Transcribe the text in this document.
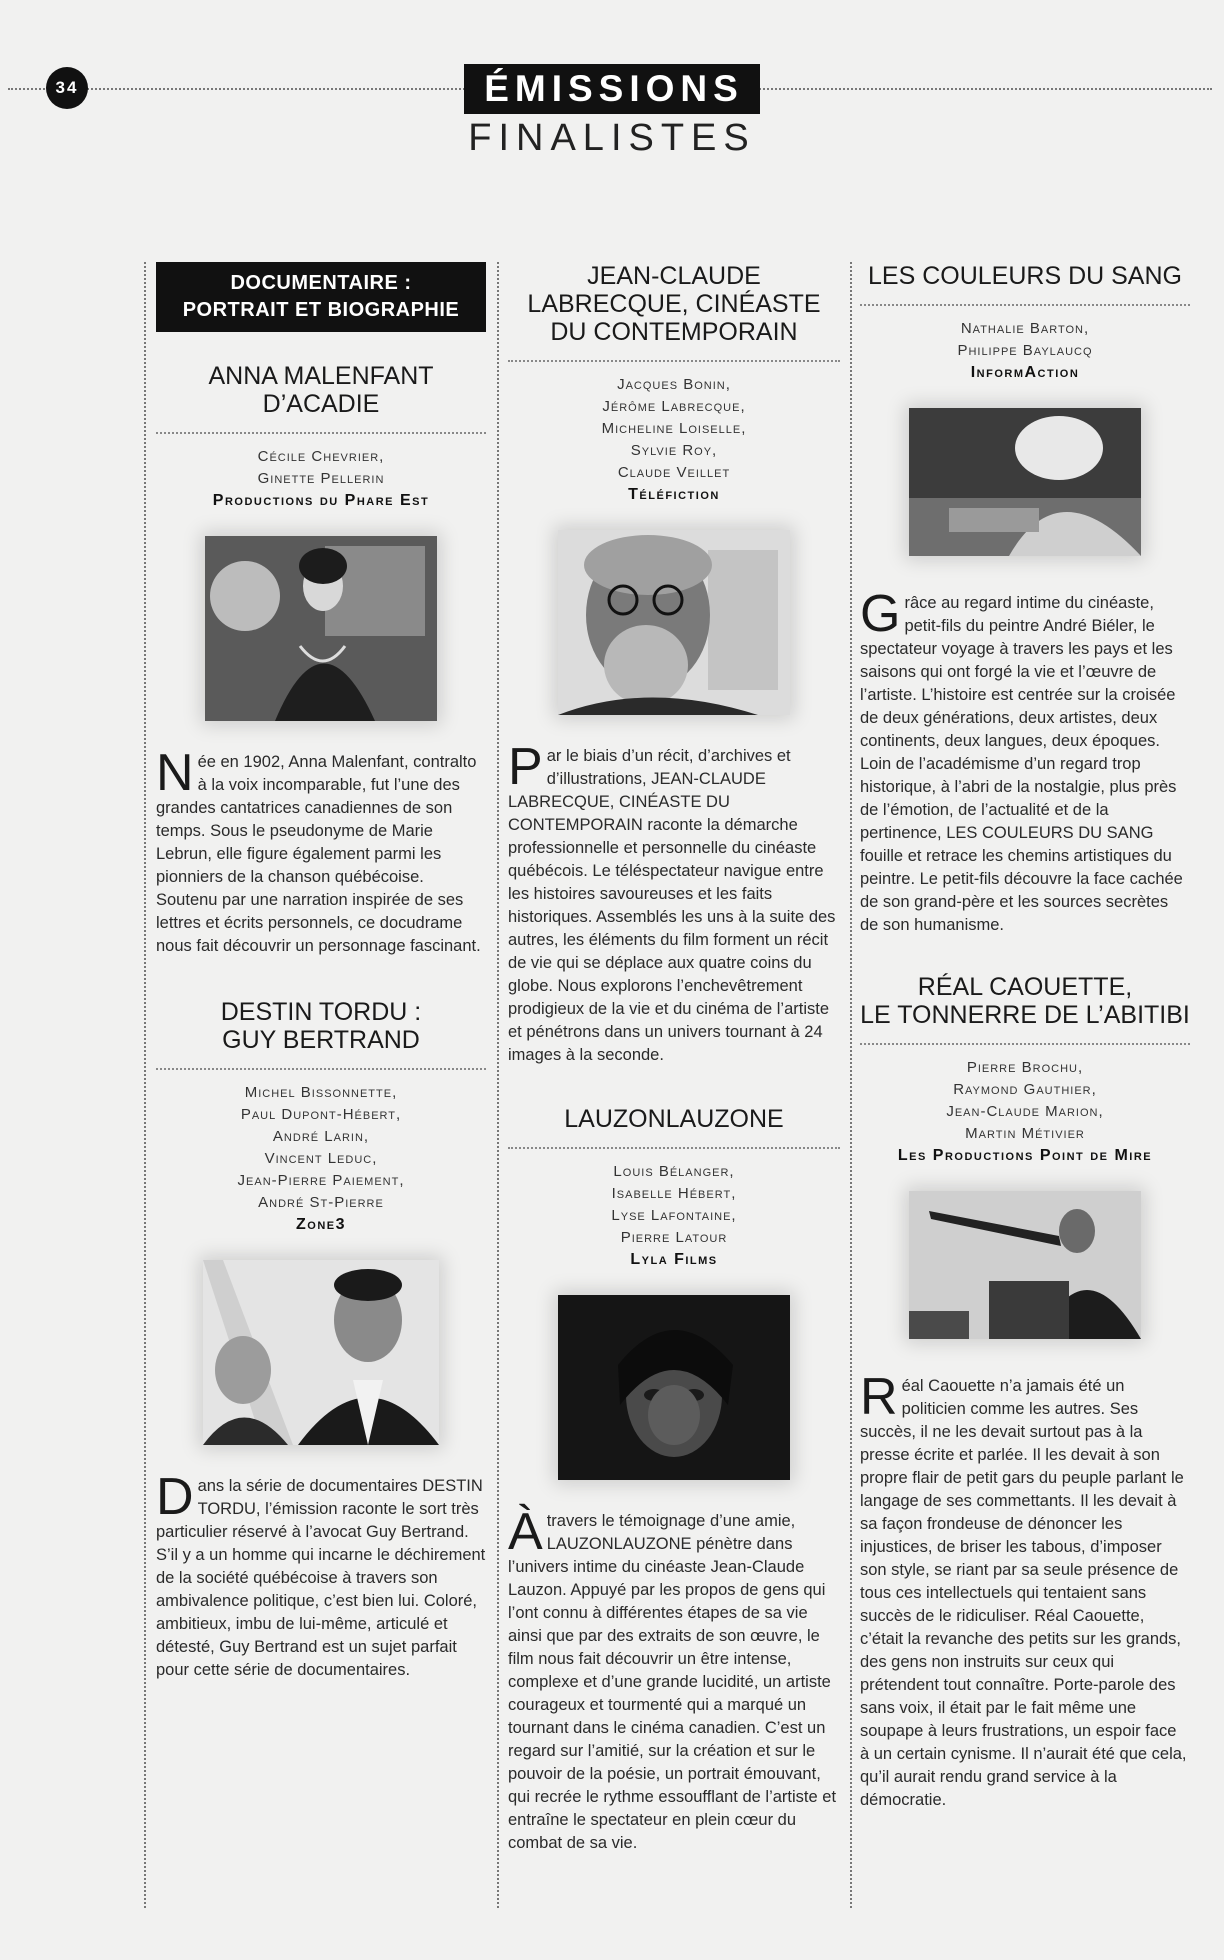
34	ÉMISSIONS
FINALISTES
DOCUMENTAIRE :
PORTRAIT ET BIOGRAPHIE
ANNA MALENFANT
D’ACADIE
Cécile Chevrier,
Ginette Pellerin
Productions du Phare Est

Née en 1902, Anna Malenfant, contralto à la voix incomparable, fut l’une des grandes cantatrices canadiennes de son temps. Sous le pseudonyme de Marie Lebrun, elle figure également parmi les pionniers de la chanson québécoise. Soutenu par une narration inspirée de ses lettres et écrits personnels, ce docudrame nous fait découvrir un personnage fascinant.

DESTIN TORDU :
GUY BERTRAND
Michel Bissonnette,
Paul Dupont-Hébert,
André Larin,
Vincent Leduc,
Jean-Pierre Paiement,
André St-Pierre
Zone3

Dans la série de documentaires DESTIN TORDU, l’émission raconte le sort très particulier réservé à l’avocat Guy Bertrand. S’il y a un homme qui incarne le déchirement de la société québécoise à travers son ambivalence politique, c’est bien lui. Coloré, ambitieux, imbu de lui-même, articulé et détesté, Guy Bertrand est un sujet parfait pour cette série de documentaires.

JEAN-CLAUDE
LABRECQUE, CINÉASTE
DU CONTEMPORAIN
Jacques Bonin,
Jérôme Labrecque,
Micheline Loiselle,
Sylvie Roy,
Claude Veillet
Téléfiction

Par le biais d’un récit, d’archives et d’illustrations, JEAN-CLAUDE LABRECQUE, CINÉASTE DU CONTEMPORAIN raconte la démarche professionnelle et personnelle du cinéaste québécois. Le téléspectateur navigue entre les histoires savoureuses et les faits historiques. Assemblés les uns à la suite des autres, les éléments du film forment un récit de vie qui se déplace aux quatre coins du globe. Nous explorons l’enchevêtrement prodigieux de la vie et du cinéma de l’artiste et pénétrons dans un univers tournant à 24 images à la seconde.

LAUZONLAUZONE
Louis Bélanger,
Isabelle Hébert,
Lyse Lafontaine,
Pierre Latour
Lyla Films

Àtravers le témoignage d’une amie, LAUZONLAUZONE pénètre dans l’univers intime du cinéaste Jean-Claude Lauzon. Appuyé par les propos de gens qui l’ont connu à différentes étapes de sa vie ainsi que par des extraits de son œuvre, le film nous fait découvrir un être intense, complexe et d’une grande lucidité, un artiste courageux et tourmenté qui a marqué un tournant dans le cinéma canadien. C’est un regard sur l’amitié, sur la création et sur le pouvoir de la poésie, un portrait émouvant, qui recrée le rythme essoufflant de l’artiste et entraîne le spectateur en plein cœur du combat de sa vie.

LES COULEURS DU SANG
Nathalie Barton,
Philippe Baylaucq
InformAction

Grâce au regard intime du cinéaste, petit-fils du peintre André Biéler, le spectateur voyage à travers les pays et les saisons qui ont forgé la vie et l’œuvre de l’artiste. L’histoire est centrée sur la croisée de deux générations, deux artistes, deux continents, deux langues, deux époques. Loin de l’académisme d’un regard trop historique, à l’abri de la nostalgie, plus près de l’émotion, de l’actualité et de la pertinence, LES COULEURS DU SANG fouille et retrace les chemins artistiques du peintre. Le petit-fils découvre la face cachée de son grand-père et les sources secrètes de son humanisme.

RÉAL CAOUETTE,
LE TONNERRE DE L’ABITIBI
Pierre Brochu,
Raymond Gauthier,
Jean-Claude Marion,
Martin Métivier
Les Productions Point de Mire

Réal Caouette n’a jamais été un politicien comme les autres. Ses succès, il ne les devait surtout pas à la presse écrite et parlée. Il les devait à son propre flair de petit gars du peuple parlant le langage de ses commettants. Il les devait à sa façon frondeuse de dénoncer les injustices, de briser les tabous, d’imposer son style, se riant par sa seule présence de tous ces intellectuels qui tentaient sans succès de le ridiculiser. Réal Caouette, c’était la revanche des petits sur les grands, des gens non instruits sur ceux qui prétendent tout connaître. Porte-parole des sans voix, il était par le fait même une soupape à leurs frustrations, un espoir face à un certain cynisme. Il n’aurait été que cela, qu’il aurait rendu grand service à la démocratie.
